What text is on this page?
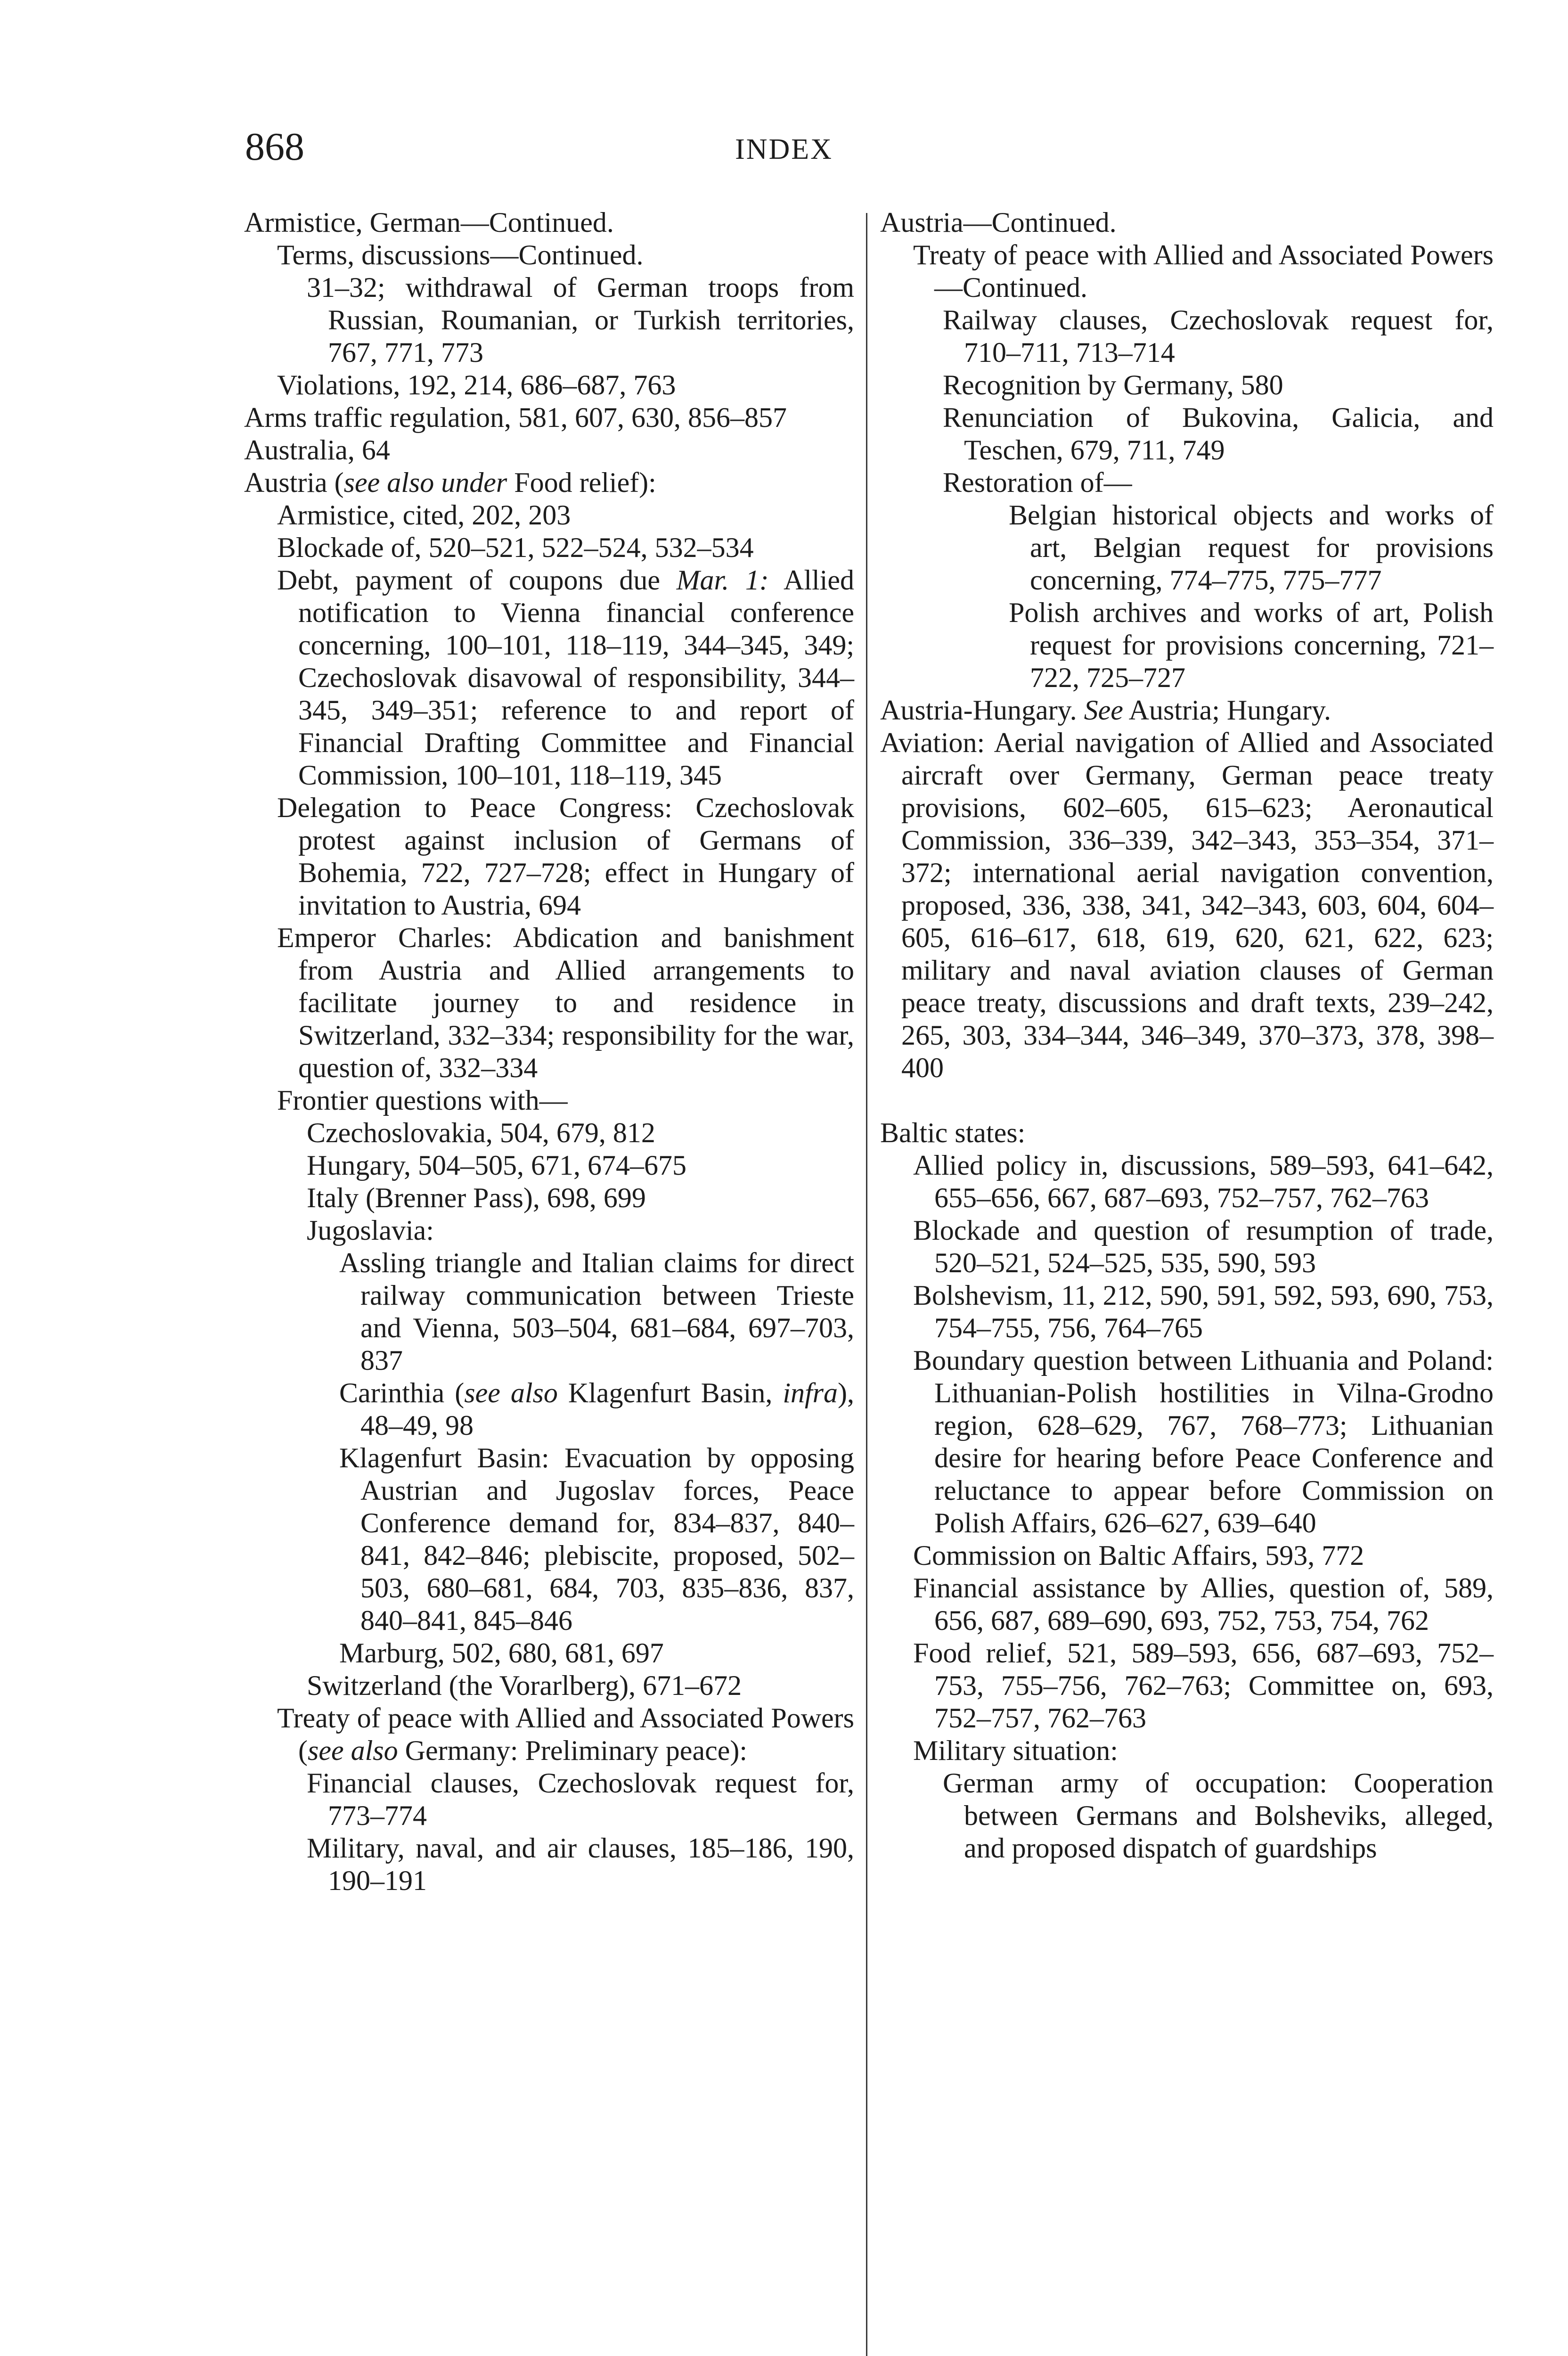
868	INDEX
Armistice, German—Continued.
Terms, discussions—Continued.
31–32; withdrawal of German troops from Russian, Roumanian, or Turkish territories, 767, 771, 773
Violations, 192, 214, 686–687, 763
Arms traffic regulation, 581, 607, 630, 856–857
Australia, 64
Austria (see also under Food relief):
Armistice, cited, 202, 203
Blockade of, 520–521, 522–524, 532–534
Debt, payment of coupons due Mar. 1: Allied notification to Vienna financial conference concerning, 100–101, 118–119, 344–345, 349; Czechoslovak disavowal of responsibility, 344–345, 349–351; reference to and report of Financial Drafting Committee and Financial Commission, 100–101, 118–119, 345
Delegation to Peace Congress: Czechoslovak protest against inclusion of Germans of Bohemia, 722, 727–728; effect in Hungary of invitation to Austria, 694
Emperor Charles: Abdication and banishment from Austria and Allied arrangements to facilitate journey to and residence in Switzerland, 332–334; responsibility for the war, question of, 332–334
Frontier questions with—
Czechoslovakia, 504, 679, 812
Hungary, 504–505, 671, 674–675
Italy (Brenner Pass), 698, 699
Jugoslavia:
Assling triangle and Italian claims for direct railway communication between Trieste and Vienna, 503–504, 681–684, 697–703, 837
Carinthia (see also Klagenfurt Basin, infra), 48–49, 98
Klagenfurt Basin: Evacuation by opposing Austrian and Jugoslav forces, Peace Conference demand for, 834–837, 840–841, 842–846; plebiscite, proposed, 502–503, 680–681, 684, 703, 835–836, 837, 840–841, 845–846
Marburg, 502, 680, 681, 697
Switzerland (the Vorarlberg), 671–672
Treaty of peace with Allied and Associated Powers (see also Germany: Preliminary peace):
Financial clauses, Czechoslovak request for, 773–774
Military, naval, and air clauses, 185–186, 190, 190–191
Austria—Continued.
Treaty of peace with Allied and Associated Powers—Continued.
Railway clauses, Czechoslovak request for, 710–711, 713–714
Recognition by Germany, 580
Renunciation of Bukovina, Galicia, and Teschen, 679, 711, 749
Restoration of—
Belgian historical objects and works of art, Belgian request for provisions concerning, 774–775, 775–777
Polish archives and works of art, Polish request for provisions concerning, 721–722, 725–727
Austria-Hungary. See Austria; Hungary.
Aviation: Aerial navigation of Allied and Associated aircraft over Germany, German peace treaty provisions, 602–605, 615–623; Aeronautical Commission, 336–339, 342–343, 353–354, 371–372; international aerial navigation convention, proposed, 336, 338, 341, 342–343, 603, 604, 604–605, 616–617, 618, 619, 620, 621, 622, 623; military and naval aviation clauses of German peace treaty, discussions and draft texts, 239–242, 265, 303, 334–344, 346–349, 370–373, 378, 398–400
Baltic states:
Allied policy in, discussions, 589–593, 641–642, 655–656, 667, 687–693, 752–757, 762–763
Blockade and question of resumption of trade, 520–521, 524–525, 535, 590, 593
Bolshevism, 11, 212, 590, 591, 592, 593, 690, 753, 754–755, 756, 764–765
Boundary question between Lithuania and Poland: Lithuanian-Polish hostilities in Vilna-Grodno region, 628–629, 767, 768–773; Lithuanian desire for hearing before Peace Conference and reluctance to appear before Commission on Polish Affairs, 626–627, 639–640
Commission on Baltic Affairs, 593, 772
Financial assistance by Allies, question of, 589, 656, 687, 689–690, 693, 752, 753, 754, 762
Food relief, 521, 589–593, 656, 687–693, 752–753, 755–756, 762–763; Committee on, 693, 752–757, 762–763
Military situation:
German army of occupation: Cooperation between Germans and Bolsheviks, alleged, and proposed dispatch of guardships
